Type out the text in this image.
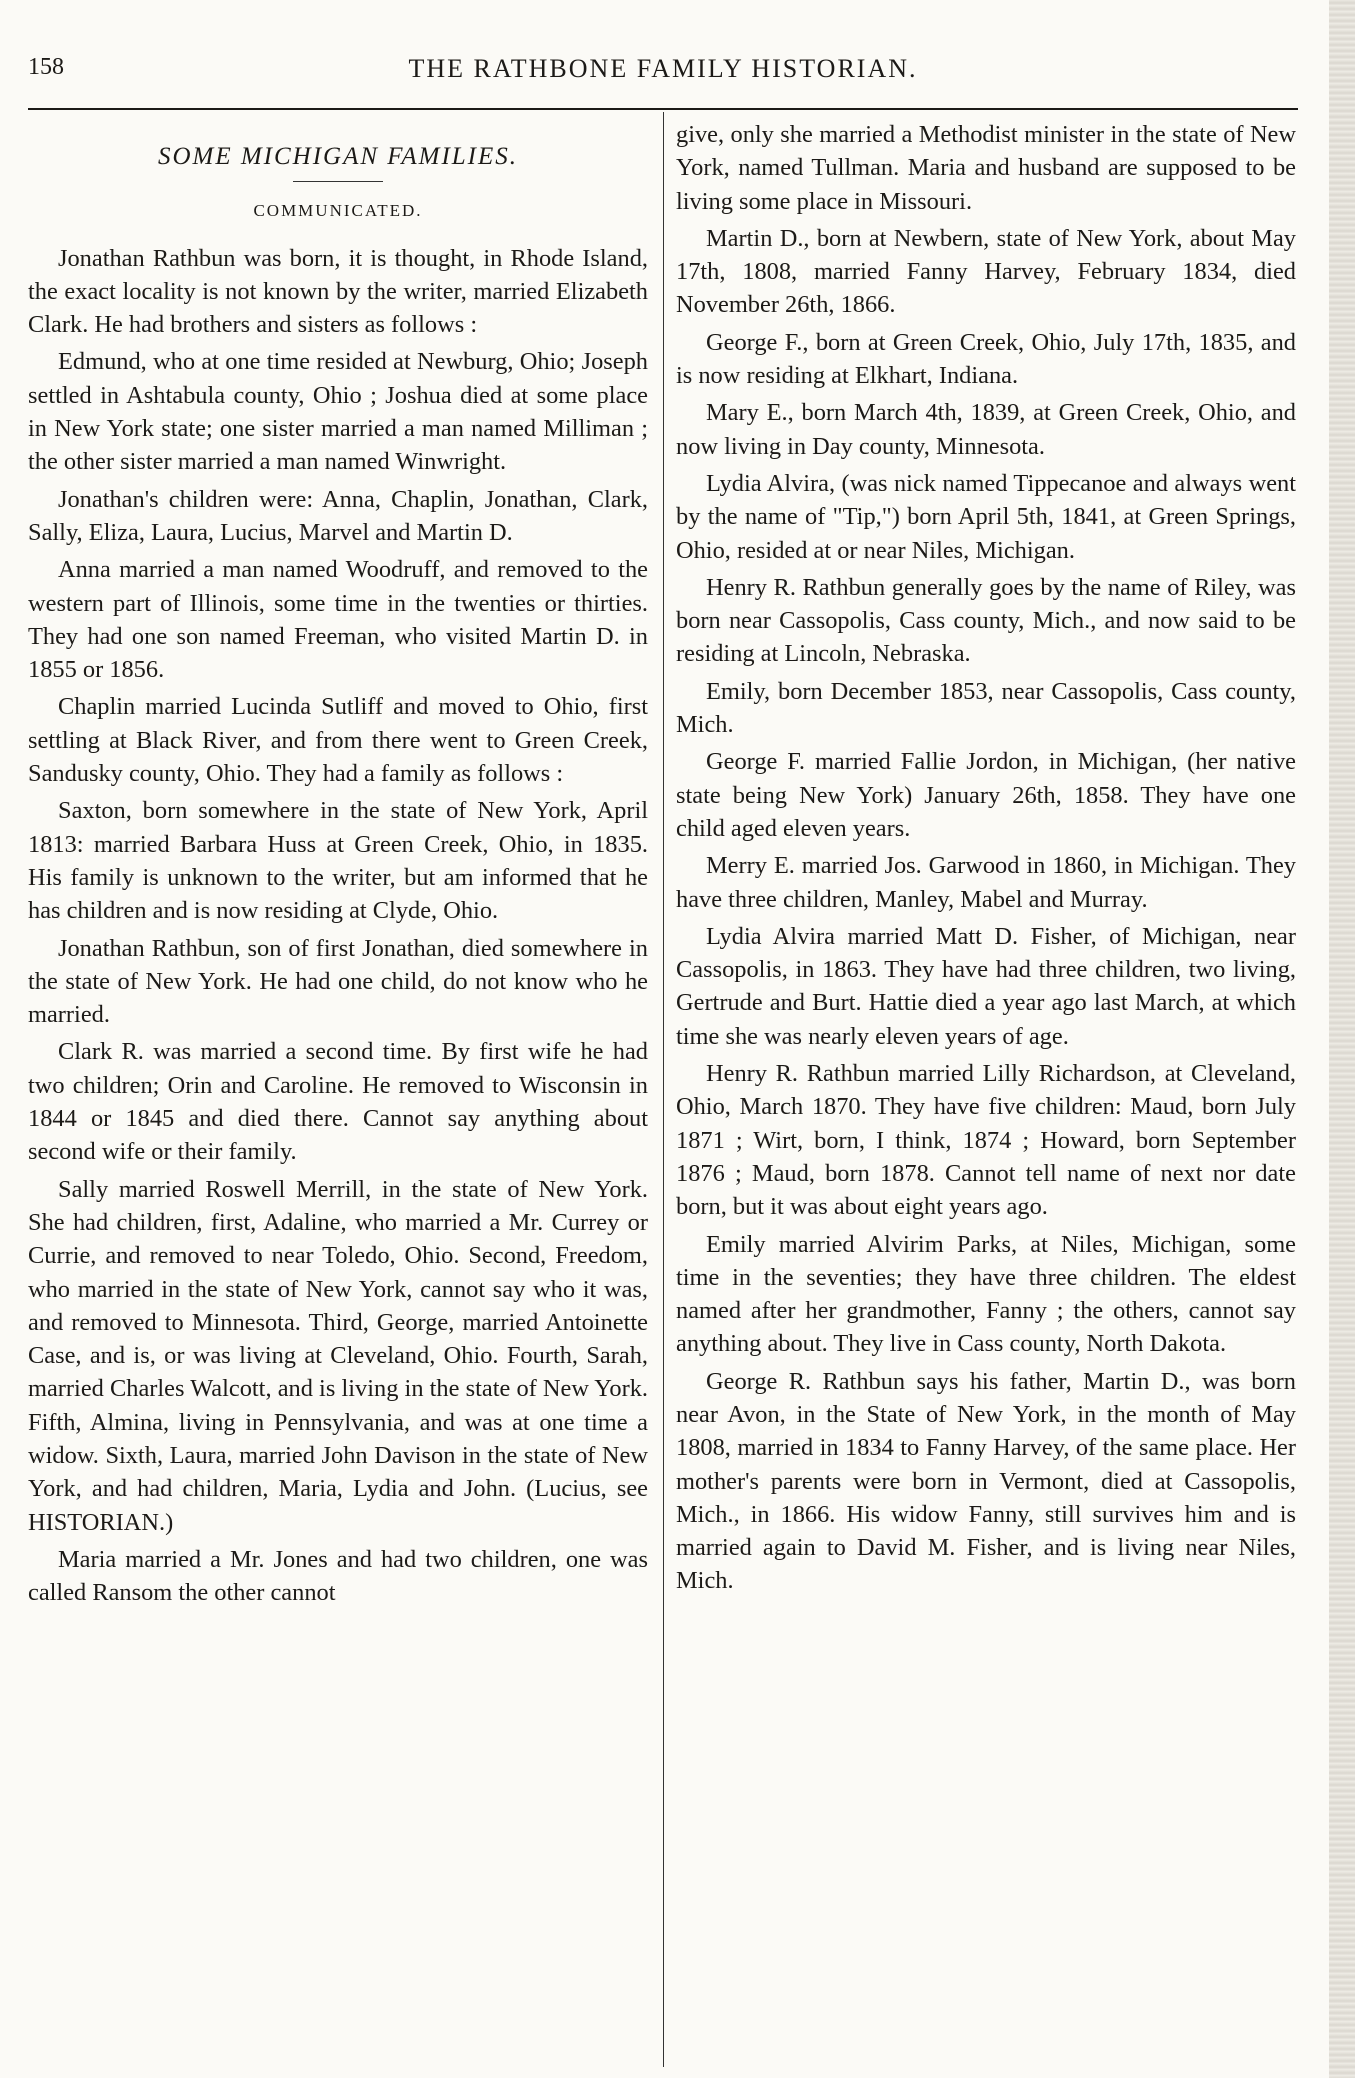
158	THE RATHBONE FAMILY HISTORIAN.
SOME MICHIGAN FAMILIES.
COMMUNICATED.

Jonathan Rathbun was born, it is thought, in Rhode Island, the exact locality is not known by the writer, married Elizabeth Clark. He had brothers and sisters as follows :

Edmund, who at one time resided at Newburg, Ohio; Joseph settled in Ashtabula county, Ohio ; Joshua died at some place in New York state; one sister married a man named Milliman ; the other sister married a man named Winwright.

Jonathan's children were: Anna, Chaplin, Jonathan, Clark, Sally, Eliza, Laura, Lucius, Marvel and Martin D.

Anna married a man named Woodruff, and removed to the western part of Illinois, some time in the twenties or thirties. They had one son named Freeman, who visited Martin D. in 1855 or 1856.

Chaplin married Lucinda Sutliff and moved to Ohio, first settling at Black River, and from there went to Green Creek, Sandusky county, Ohio. They had a family as follows :

Saxton, born somewhere in the state of New York, April 1813: married Barbara Huss at Green Creek, Ohio, in 1835. His family is unknown to the writer, but am informed that he has children and is now residing at Clyde, Ohio.

Jonathan Rathbun, son of first Jonathan, died somewhere in the state of New York. He had one child, do not know who he married.

Clark R. was married a second time. By first wife he had two children; Orin and Caroline. He removed to Wisconsin in 1844 or 1845 and died there. Cannot say anything about second wife or their family.

Sally married Roswell Merrill, in the state of New York. She had children, first, Adaline, who married a Mr. Currey or Currie, and removed to near Toledo, Ohio. Second, Freedom, who married in the state of New York, cannot say who it was, and removed to Minnesota. Third, George, married Antoinette Case, and is, or was living at Cleveland, Ohio. Fourth, Sarah, married Charles Walcott, and is living in the state of New York. Fifth, Almina, living in Pennsylvania, and was at one time a widow. Sixth, Laura, married John Davison in the state of New York, and had children, Maria, Lydia and John. (Lucius, see HISTORIAN.)

Maria married a Mr. Jones and had two children, one was called Ransom the other cannot

give, only she married a Methodist minister in the state of New York, named Tullman. Maria and husband are supposed to be living some place in Missouri.

Martin D., born at Newbern, state of New York, about May 17th, 1808, married Fanny Harvey, February 1834, died November 26th, 1866.

George F., born at Green Creek, Ohio, July 17th, 1835, and is now residing at Elkhart, Indiana.

Mary E., born March 4th, 1839, at Green Creek, Ohio, and now living in Day county, Minnesota.

Lydia Alvira, (was nick named Tippecanoe and always went by the name of "Tip,") born April 5th, 1841, at Green Springs, Ohio, resided at or near Niles, Michigan.

Henry R. Rathbun generally goes by the name of Riley, was born near Cassopolis, Cass county, Mich., and now said to be residing at Lincoln, Nebraska.

Emily, born December 1853, near Cassopolis, Cass county, Mich.

George F. married Fallie Jordon, in Michigan, (her native state being New York) January 26th, 1858. They have one child aged eleven years.

Merry E. married Jos. Garwood in 1860, in Michigan. They have three children, Manley, Mabel and Murray.

Lydia Alvira married Matt D. Fisher, of Michigan, near Cassopolis, in 1863. They have had three children, two living, Gertrude and Burt. Hattie died a year ago last March, at which time she was nearly eleven years of age.

Henry R. Rathbun married Lilly Richardson, at Cleveland, Ohio, March 1870. They have five children: Maud, born July 1871 ; Wirt, born, I think, 1874 ; Howard, born September 1876 ; Maud, born 1878. Cannot tell name of next nor date born, but it was about eight years ago.

Emily married Alvirim Parks, at Niles, Michigan, some time in the seventies; they have three children. The eldest named after her grandmother, Fanny ; the others, cannot say anything about. They live in Cass county, North Dakota.

George R. Rathbun says his father, Martin D., was born near Avon, in the State of New York, in the month of May 1808, married in 1834 to Fanny Harvey, of the same place. Her mother's parents were born in Vermont, died at Cassopolis, Mich., in 1866. His widow Fanny, still survives him and is married again to David M. Fisher, and is living near Niles, Mich.
